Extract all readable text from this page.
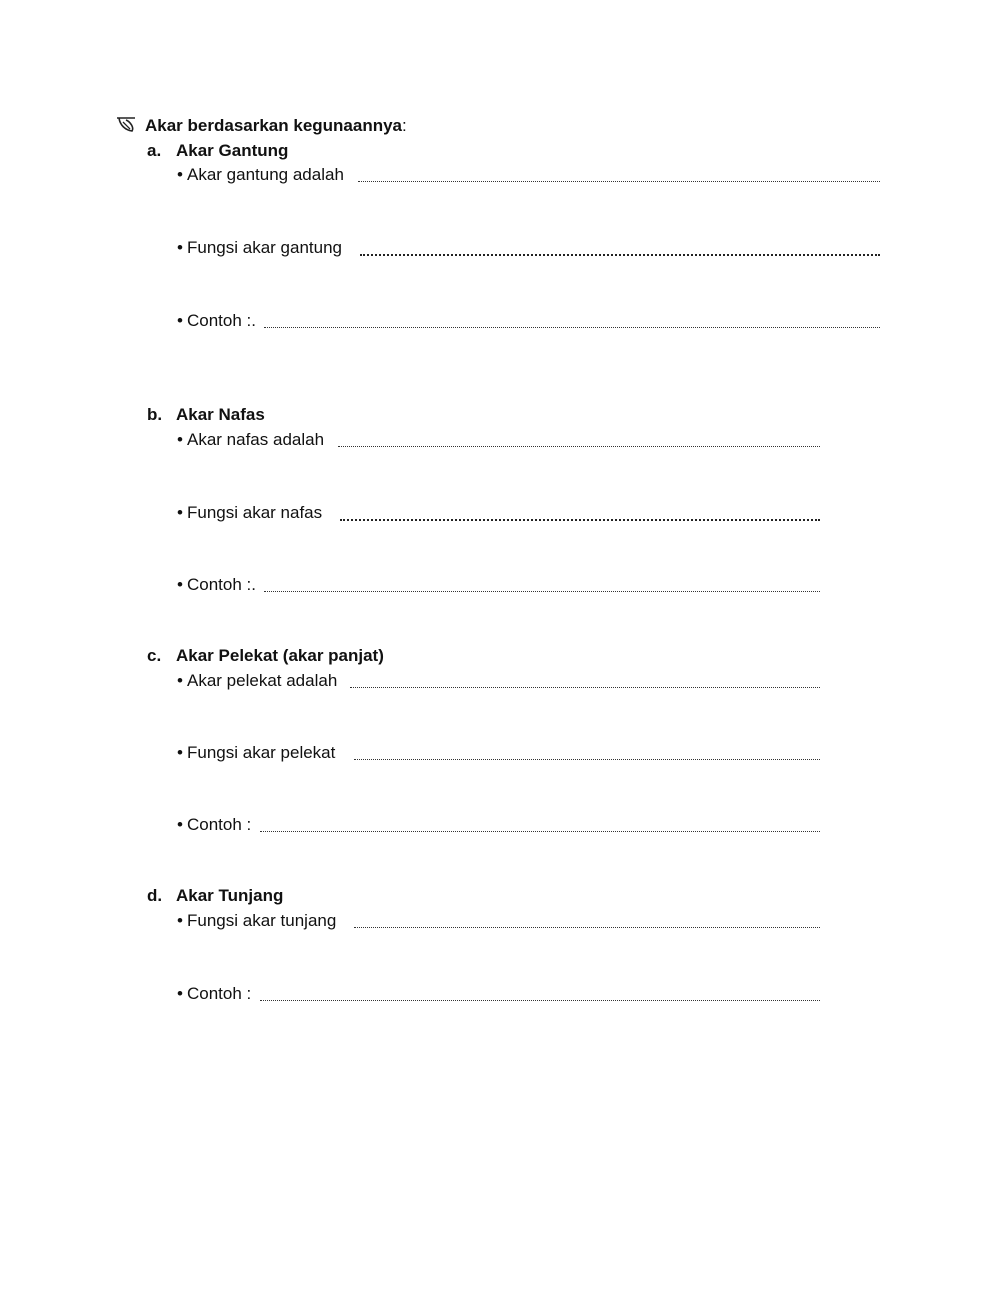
Akar berdasarkan kegunaannya:
a. Akar Gantung
• Akar gantung adalah
• Fungsi akar gantung
• Contoh :.
b. Akar Nafas
• Akar nafas adalah
• Fungsi akar nafas
• Contoh :.
c. Akar Pelekat (akar panjat)
• Akar pelekat adalah
• Fungsi akar pelekat
• Contoh :
d. Akar Tunjang
• Fungsi akar tunjang
• Contoh :
